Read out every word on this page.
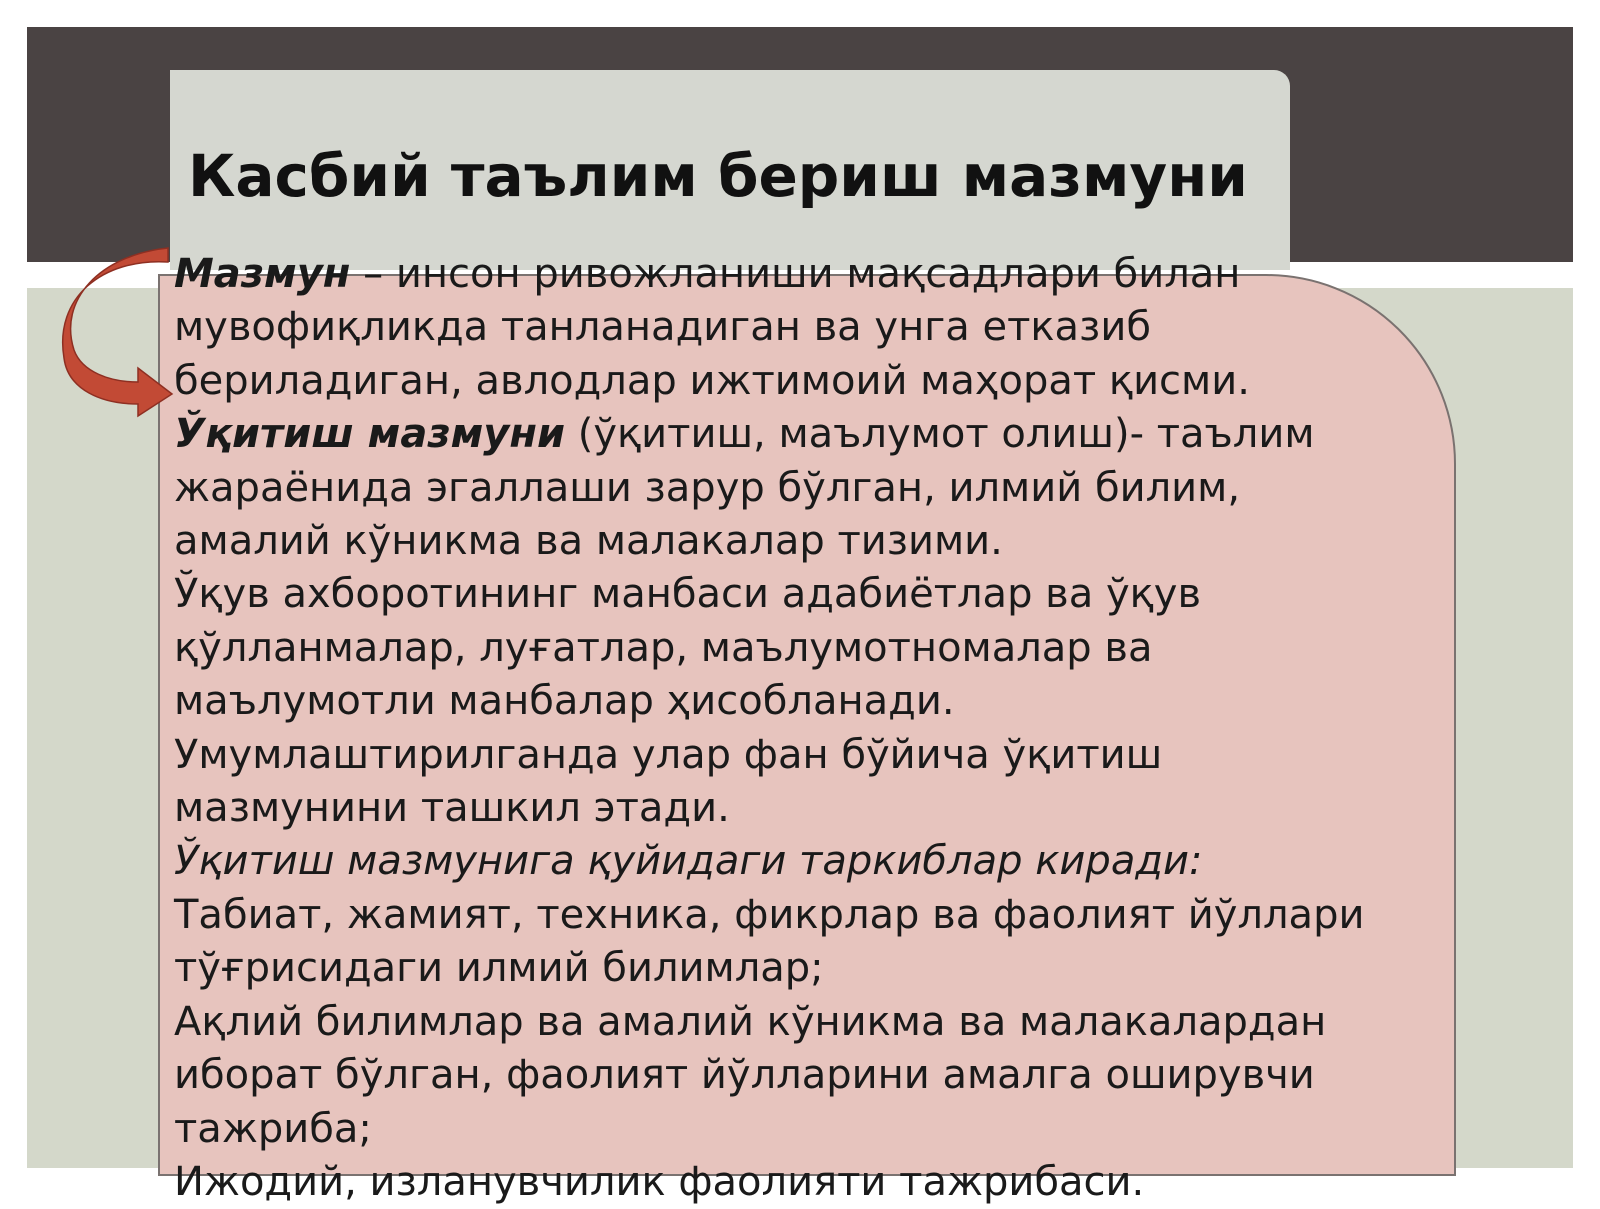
Касбий таълим бериш мазмуни
Мазмун – инсон ривожланиши мақсадлари билан
мувофиқликда танланадиган ва унга етказиб
бериладиган, авлодлар ижтимоий маҳорат қисми.
Ўқитиш мазмуни (ўқитиш, маълумот олиш)- таълим
жараёнида эгаллаши зарур бўлган, илмий билим,
амалий кўникма ва малакалар тизими.
Ўқув ахборотининг манбаси адабиётлар ва ўқув
қўлланмалар, луғатлар, маълумотномалар ва
маълумотли манбалар ҳисобланади.
Умумлаштирилганда улар фан бўйича ўқитиш
мазмунини ташкил этади.
Ўқитиш мазмунига қуйидаги таркиблар киради:
Табиат, жамият, техника, фикрлар ва фаолият йўллари
тўғрисидаги илмий билимлар;
Ақлий билимлар ва амалий кўникма ва малакалардан
иборат бўлган, фаолият йўлларини амалга оширувчи
тажриба;
Ижодий, изланувчилик фаолияти тажрибаси.
